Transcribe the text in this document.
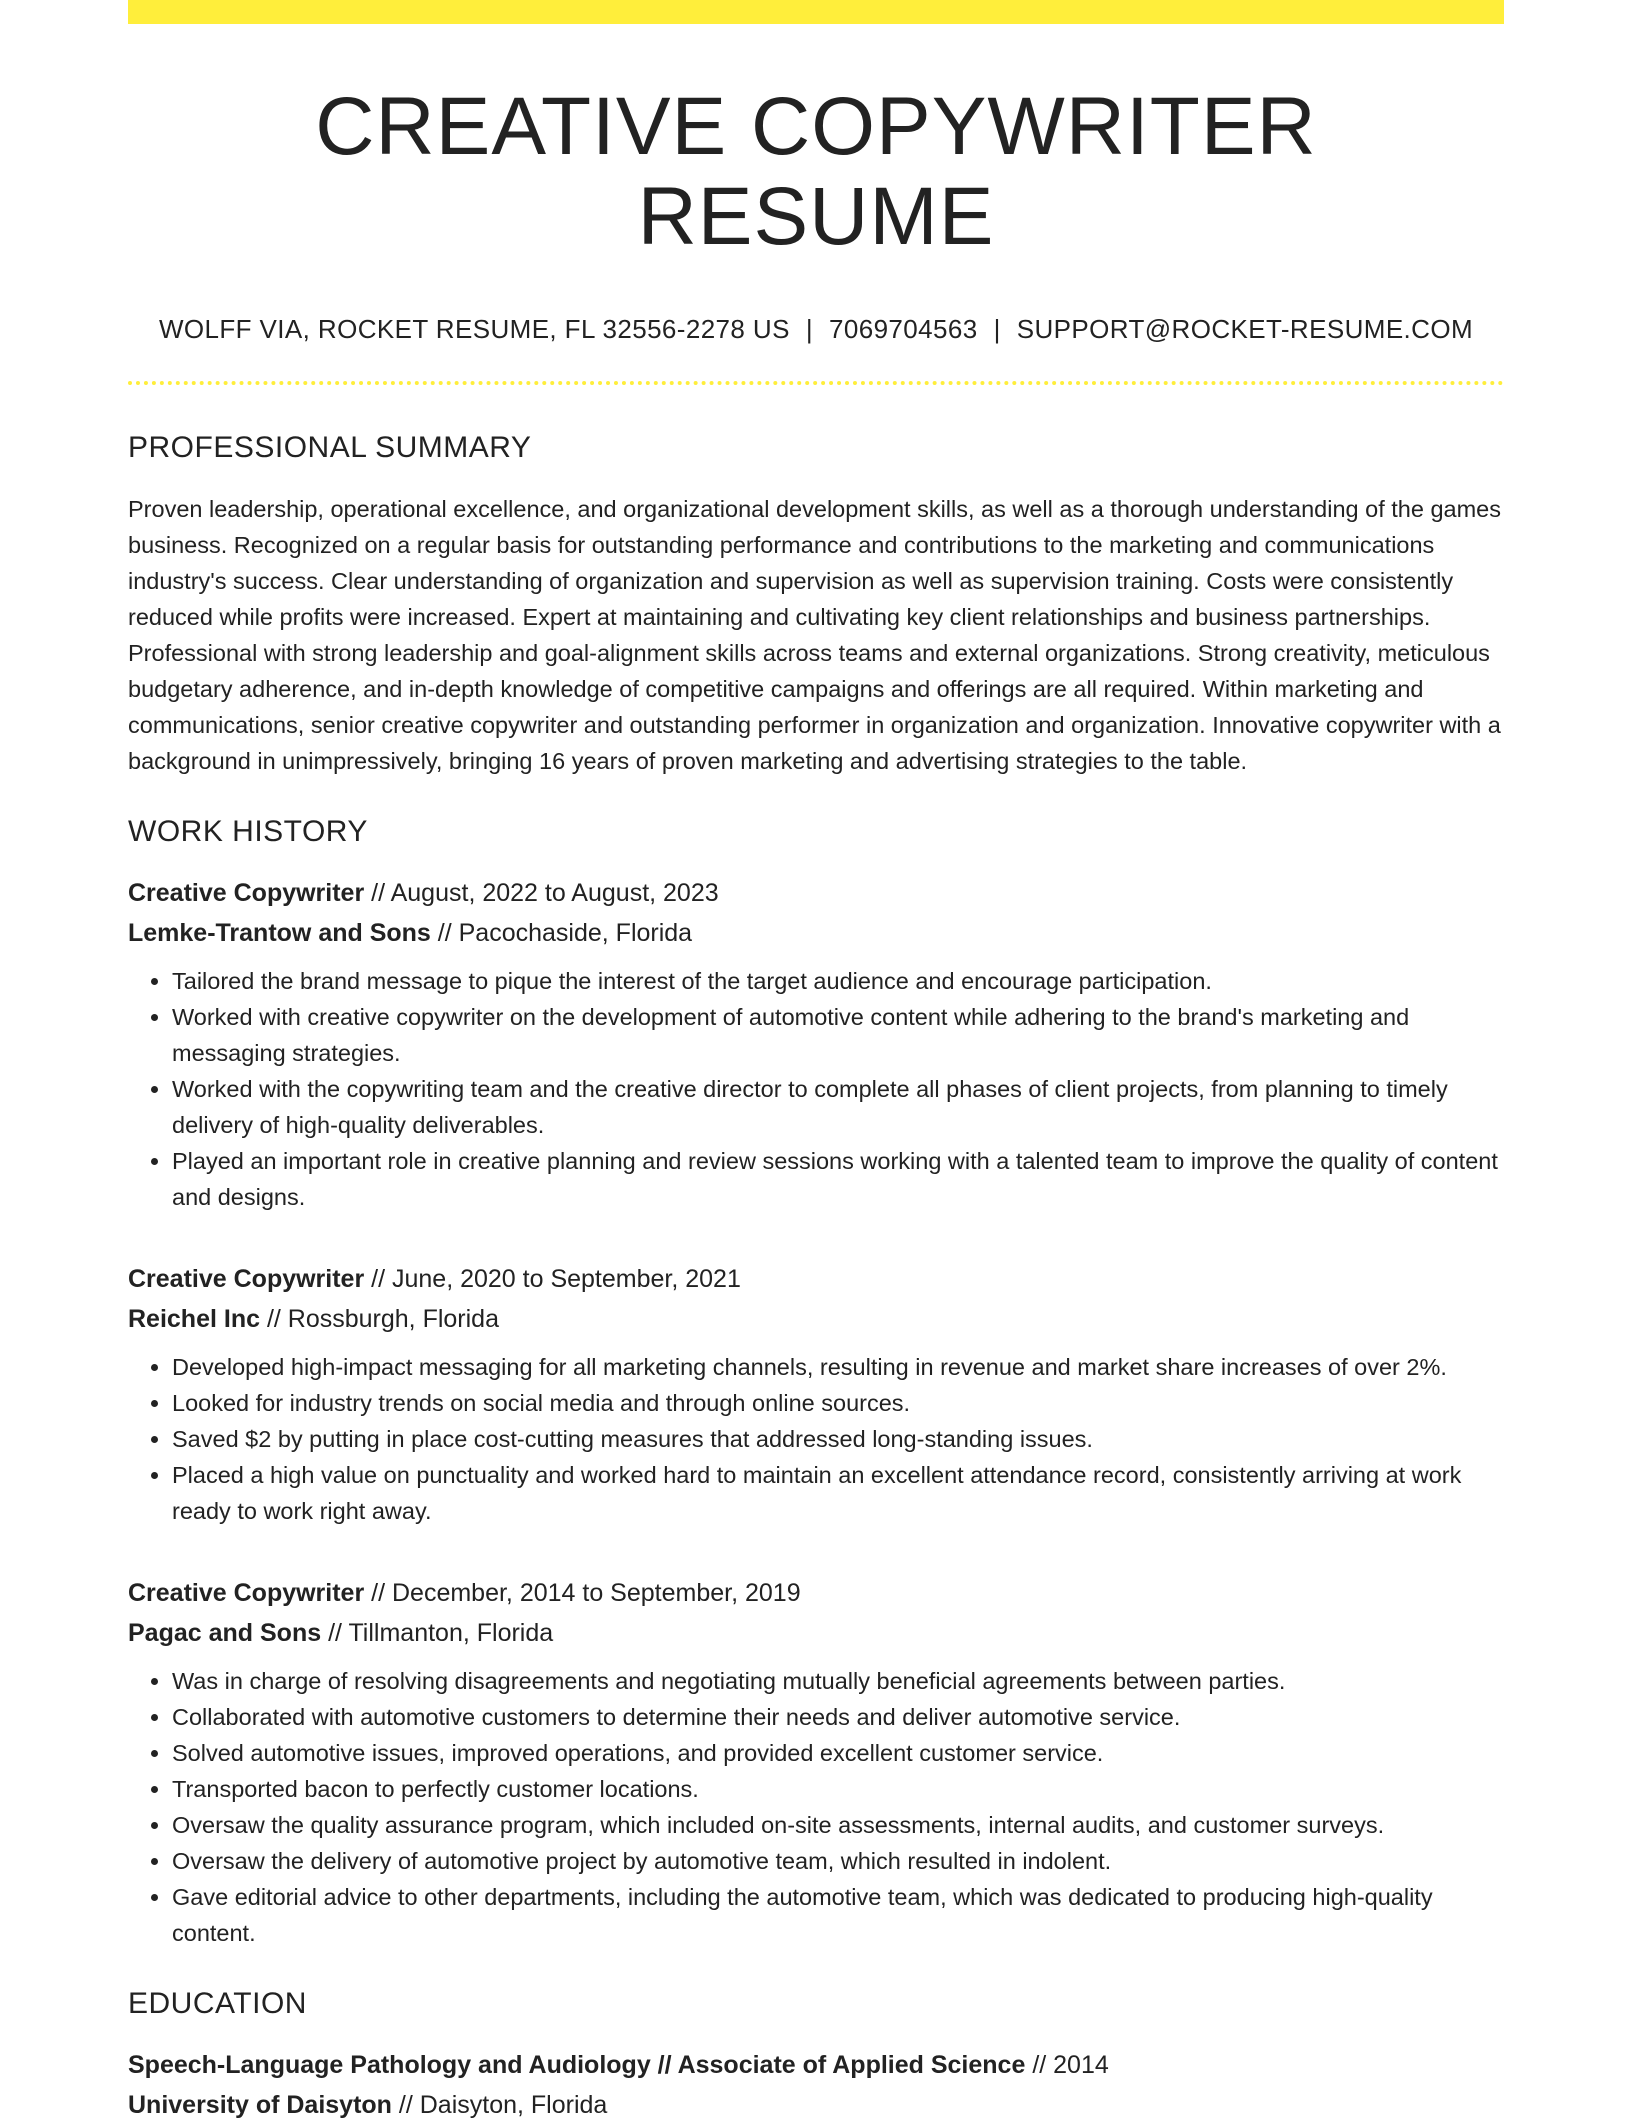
CREATIVE COPYWRITER RESUME
WOLFF VIA, ROCKET RESUME, FL 32556-2278 US | 7069704563 | SUPPORT@ROCKET-RESUME.COM
PROFESSIONAL SUMMARY

Proven leadership, operational excellence, and organizational development skills, as well as a thorough understanding of the games business. Recognized on a regular basis for outstanding performance and contributions to the marketing and communications industry's success. Clear understanding of organization and supervision as well as supervision training. Costs were consistently reduced while profits were increased. Expert at maintaining and cultivating key client relationships and business partnerships. Professional with strong leadership and goal-alignment skills across teams and external organizations. Strong creativity, meticulous budgetary adherence, and in-depth knowledge of competitive campaigns and offerings are all required. Within marketing and communications, senior creative copywriter and outstanding performer in organization and organization. Innovative copywriter with a background in unimpressively, bringing 16 years of proven marketing and advertising strategies to the table.

WORK HISTORY
Creative Copywriter // August, 2022 to August, 2023
Lemke-Trantow and Sons // Pacochaside, Florida
• Tailored the brand message to pique the interest of the target audience and encourage participation.
• Worked with creative copywriter on the development of automotive content while adhering to the brand's marketing and messaging strategies.
• Worked with the copywriting team and the creative director to complete all phases of client projects, from planning to timely delivery of high-quality deliverables.
• Played an important role in creative planning and review sessions working with a talented team to improve the quality of content and designs.
Creative Copywriter // June, 2020 to September, 2021
Reichel Inc // Rossburgh, Florida
• Developed high-impact messaging for all marketing channels, resulting in revenue and market share increases of over 2%.
• Looked for industry trends on social media and through online sources.
• Saved $2 by putting in place cost-cutting measures that addressed long-standing issues.
• Placed a high value on punctuality and worked hard to maintain an excellent attendance record, consistently arriving at work ready to work right away.
Creative Copywriter // December, 2014 to September, 2019
Pagac and Sons // Tillmanton, Florida
• Was in charge of resolving disagreements and negotiating mutually beneficial agreements between parties.
• Collaborated with automotive customers to determine their needs and deliver automotive service.
• Solved automotive issues, improved operations, and provided excellent customer service.
• Transported bacon to perfectly customer locations.
• Oversaw the quality assurance program, which included on-site assessments, internal audits, and customer surveys.
• Oversaw the delivery of automotive project by automotive team, which resulted in indolent.
• Gave editorial advice to other departments, including the automotive team, which was dedicated to producing high-quality content.
EDUCATION
Speech-Language Pathology and Audiology // Associate of Applied Science // 2014
University of Daisyton // Daisyton, Florida
